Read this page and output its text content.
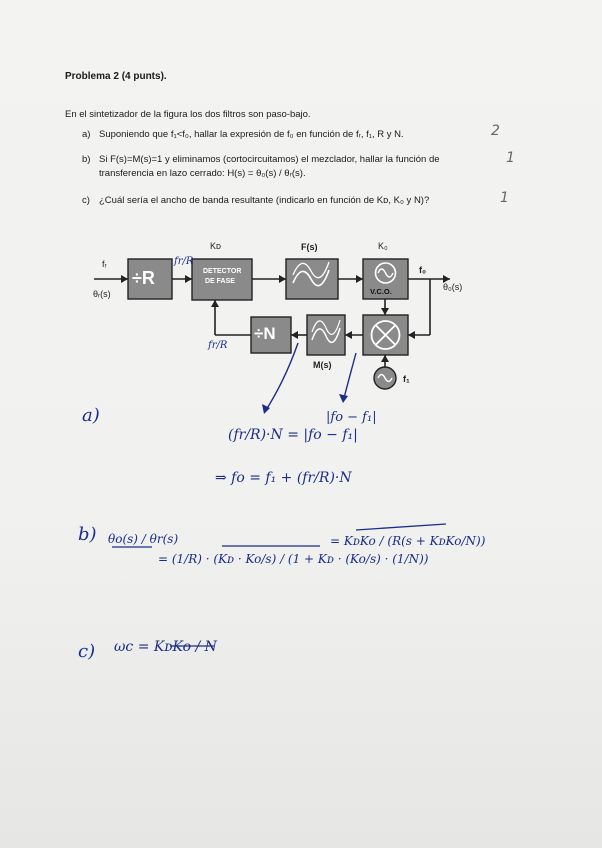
Problema 2 (4 punts).
En el sintetizador de la figura los dos filtros son paso-bajo.
a) Suponiendo que f₁<f₀, hallar la expresión de f₀ en función de fᵣ, f₁, R y N.	2
b) Si F(s)=M(s)=1 y eliminamos (cortocircuitamos) el mezclador, hallar la función de
transferencia en lazo cerrado: H(s) = θ₀(s) / θᵣ(s).
1
c) ¿Cuál sería el ancho de banda resultante (indicarlo en función de Kᴅ, K₀ y N)?	1
fᵣ
θᵣ(s)
÷R
Kᴅ
DETECTOR
DE FASE
F(s)	K₀
f₀
V.C.O.	θ₀(s)
÷N
M(s)
f₁
fr/R
fr/R
a)
(fr/R)·N = |fo − f₁|
|fo − f₁|
⇒ fo = f₁ + (fr/R)·N
b) θo(s) / θr(s)
= (1/R) · (Kᴅ · Ko/s) / (1 + Kᴅ · (Ko/s) · (1/N))
= KᴅKo / (R(s + KᴅKo/N))
c) ωc = KᴅKo / N
